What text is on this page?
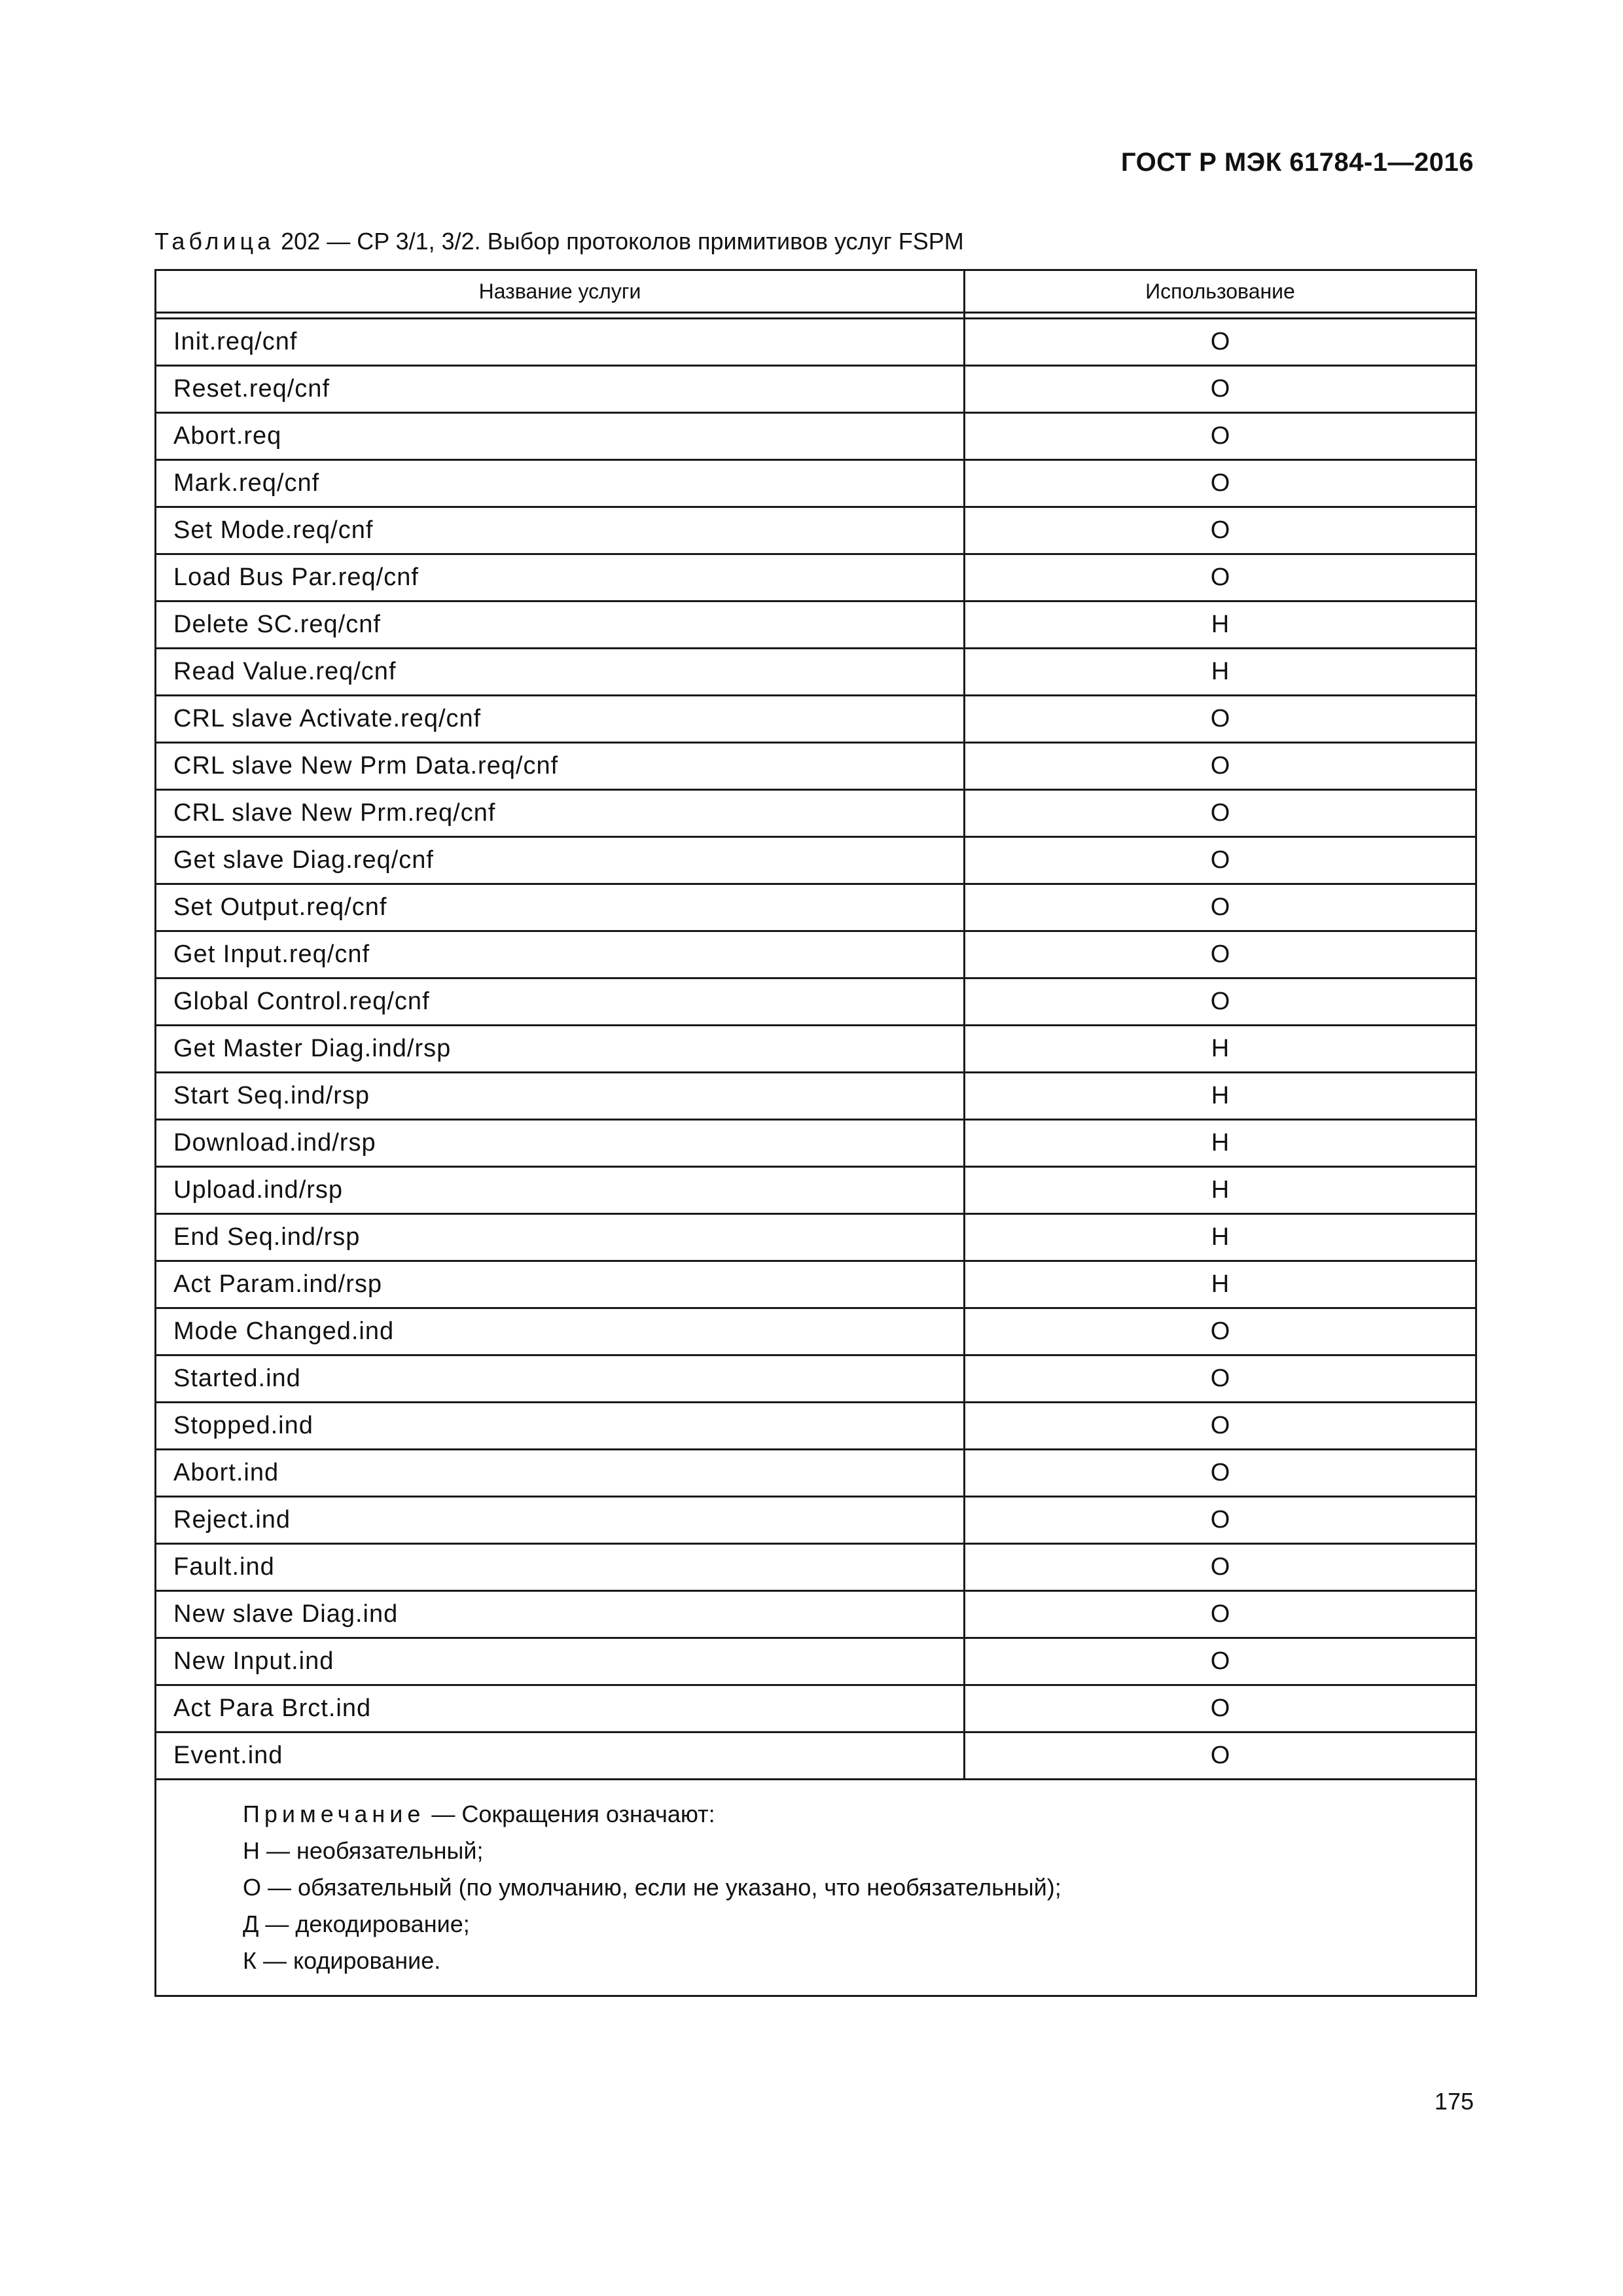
ГОСТ Р МЭК 61784-1—2016
Таблица 202 — CP 3/1, 3/2. Выбор протоколов примитивов услуг FSPM
Название услуги	Использование

Init.req/cnf	O
Reset.req/cnf	O
Abort.req	O
Mark.req/cnf	O
Set Mode.req/cnf	O
Load Bus Par.req/cnf	O
Delete SC.req/cnf	H
Read Value.req/cnf	H
CRL slave Activate.req/cnf	O
CRL slave New Prm Data.req/cnf	O
CRL slave New Prm.req/cnf	O
Get slave Diag.req/cnf	O
Set Output.req/cnf	O
Get Input.req/cnf	O
Global Control.req/cnf	O
Get Master Diag.ind/rsp	H
Start Seq.ind/rsp	H
Download.ind/rsp	H
Upload.ind/rsp	H
End Seq.ind/rsp	H
Act Param.ind/rsp	H
Mode Changed.ind	O
Started.ind	O
Stopped.ind	O
Abort.ind	O
Reject.ind	O
Fault.ind	O
New slave Diag.ind	O
New Input.ind	O
Act Para Brct.ind	O
Event.ind	O

Примечание — Сокращения означают:
Н — необязательный;
О — обязательный (по умолчанию, если не указано, что необязательный);
Д — декодирование;
К — кодирование.	
175
